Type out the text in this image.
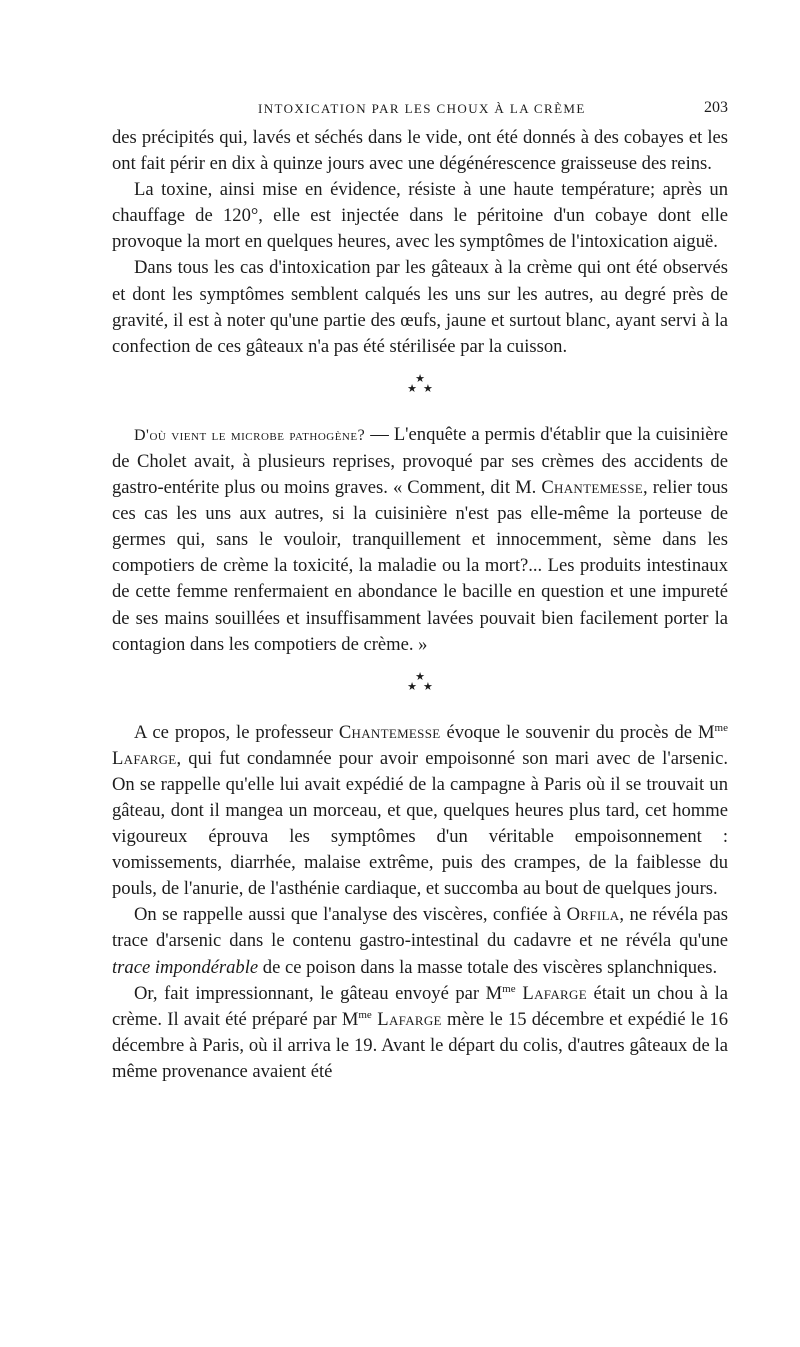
INTOXICATION PAR LES CHOUX À LA CRÈME	203

des précipités qui, lavés et séchés dans le vide, ont été donnés à des cobayes et les ont fait périr en dix à quinze jours avec une dégénérescence graisseuse des reins.

La toxine, ainsi mise en évidence, résiste à une haute température; après un chauffage de 120°, elle est injectée dans le péritoine d'un cobaye dont elle provoque la mort en quelques heures, avec les symptômes de l'intoxication aiguë.

Dans tous les cas d'intoxication par les gâteaux à la crème qui ont été observés et dont les symptômes semblent calqués les uns sur les autres, au degré près de gravité, il est à noter qu'une partie des œufs, jaune et surtout blanc, ayant servi à la confection de ces gâteaux n'a pas été stérilisée par la cuisson.

★
★★

D'où vient le microbe pathogène? — L'enquête a permis d'établir que la cuisinière de Cholet avait, à plusieurs reprises, provoqué par ses crèmes des accidents de gastro-entérite plus ou moins graves. « Comment, dit M. Chantemesse, relier tous ces cas les uns aux autres, si la cuisinière n'est pas elle-même la porteuse de germes qui, sans le vouloir, tranquillement et innocemment, sème dans les compotiers de crème la toxicité, la maladie ou la mort?... Les produits intestinaux de cette femme renfermaient en abondance le bacille en question et une impureté de ses mains souillées et insuffisamment lavées pouvait bien facilement porter la contagion dans les compotiers de crème. »

★
★★

A ce propos, le professeur Chantemesse évoque le souvenir du procès de $M^{me}$ Lafarge, qui fut condamnée pour avoir empoisonné son mari avec de l'arsenic. On se rappelle qu'elle lui avait expédié de la campagne à Paris où il se trouvait un gâteau, dont il mangea un morceau, et que, quelques heures plus tard, cet homme vigoureux éprouva les symptômes d'un véritable empoisonnement : vomissements, diarrhée, malaise extrême, puis des crampes, de la faiblesse du pouls, de l'anurie, de l'asthénie cardiaque, et succomba au bout de quelques jours.

On se rappelle aussi que l'analyse des viscères, confiée à Orfila, ne révéla pas trace d'arsenic dans le contenu gastro-intestinal du cadavre et ne révéla qu'une trace impondérable de ce poison dans la masse totale des viscères splanchniques.

Or, fait impressionnant, le gâteau envoyé par $M^{me}$ Lafarge était un chou à la crème. Il avait été préparé par $M^{me}$ Lafarge mère le 15 décembre et expédié le 16 décembre à Paris, où il arriva le 19. Avant le départ du colis, d'autres gâteaux de la même provenance avaient été
